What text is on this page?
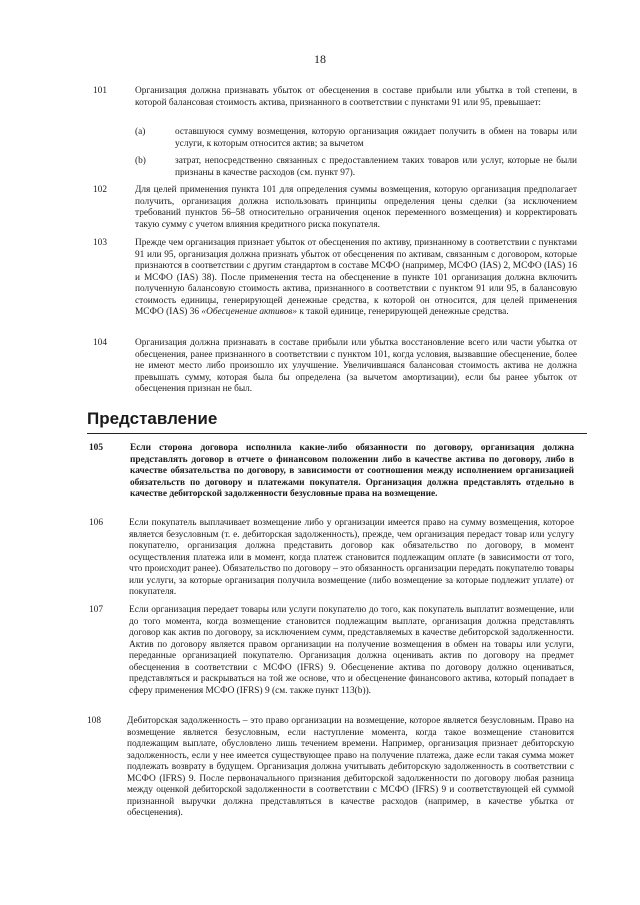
18
101	Организация должна признавать убыток от обесценения в составе прибыли или убытка в той степени, в которой балансовая стоимость актива, признанного в соответствии с пунктами 91 или 95, превышает:
(a)	оставшуюся сумму возмещения, которую организация ожидает получить в обмен на товары или услуги, к которым относится актив; за вычетом
(b)	затрат, непосредственно связанных с предоставлением таких товаров или услуг, которые не были признаны в качестве расходов (см. пункт 97).
102	Для целей применения пункта 101 для определения суммы возмещения, которую организация предполагает получить, организация должна использовать принципы определения цены сделки (за исключением требований пунктов 56–58 относительно ограничения оценок переменного возмещения) и корректировать такую сумму с учетом влияния кредитного риска покупателя.
103	Прежде чем организация признает убыток от обесценения по активу, признанному в соответствии с пунктами 91 или 95, организация должна признать убыток от обесценения по активам, связанным с договором, которые признаются в соответствии с другим стандартом в составе МСФО (например, МСФО (IAS) 2, МСФО (IAS) 16 и МСФО (IAS) 38). После применения теста на обесценение в пункте 101 организация должна включить полученную балансовую стоимость актива, признанного в соответствии с пунктом 91 или 95, в балансовую стоимость единицы, генерирующей денежные средства, к которой он относится, для целей применения МСФО (IAS) 36 «Обесценение активов» к такой единице, генерирующей денежные средства.
104	Организация должна признавать в составе прибыли или убытка восстановление всего или части убытка от обесценения, ранее признанного в соответствии с пунктом 101, когда условия, вызвавшие обесценение, более не имеют место либо произошло их улучшение. Увеличившаяся балансовая стоимость актива не должна превышать сумму, которая была бы определена (за вычетом амортизации), если бы ранее убыток от обесценения признан не был.
Представление
105	Если сторона договора исполнила какие-либо обязанности по договору, организация должна представлять договор в отчете о финансовом положении либо в качестве актива по договору, либо в качестве обязательства по договору, в зависимости от соотношения между исполнением организацией обязательств по договору и платежами покупателя. Организация должна представлять отдельно в качестве дебиторской задолженности безусловные права на возмещение.
106	Если покупатель выплачивает возмещение либо у организации имеется право на сумму возмещения, которое является безусловным (т. е. дебиторская задолженность), прежде, чем организация передаст товар или услугу покупателю, организация должна представить договор как обязательство по договору, в момент осуществления платежа или в момент, когда платеж становится подлежащим оплате (в зависимости от того, что происходит ранее). Обязательство по договору – это обязанность организации передать покупателю товары или услуги, за которые организация получила возмещение (либо возмещение за которые подлежит уплате) от покупателя.
107	Если организация передает товары или услуги покупателю до того, как покупатель выплатит возмещение, или до того момента, когда возмещение становится подлежащим выплате, организация должна представлять договор как актив по договору, за исключением сумм, представляемых в качестве дебиторской задолженности. Актив по договору является правом организации на получение возмещения в обмен на товары или услуги, переданные организацией покупателю. Организация должна оценивать актив по договору на предмет обесценения в соответствии с МСФО (IFRS) 9. Обесценение актива по договору должно оцениваться, представляться и раскрываться на той же основе, что и обесценение финансового актива, который попадает в сферу применения МСФО (IFRS) 9 (см. также пункт 113(b)).
108	Дебиторская задолженность – это право организации на возмещение, которое является безусловным. Право на возмещение является безусловным, если наступление момента, когда такое возмещение становится подлежащим выплате, обусловлено лишь течением времени. Например, организация признает дебиторскую задолженность, если у нее имеется существующее право на получение платежа, даже если такая сумма может подлежать возврату в будущем. Организация должна учитывать дебиторскую задолженность в соответствии с МСФО (IFRS) 9. После первоначального признания дебиторской задолженности по договору любая разница между оценкой дебиторской задолженности в соответствии с МСФО (IFRS) 9 и соответствующей ей суммой признанной выручки должна представляться в качестве расходов (например, в качестве убытка от обесценения).
